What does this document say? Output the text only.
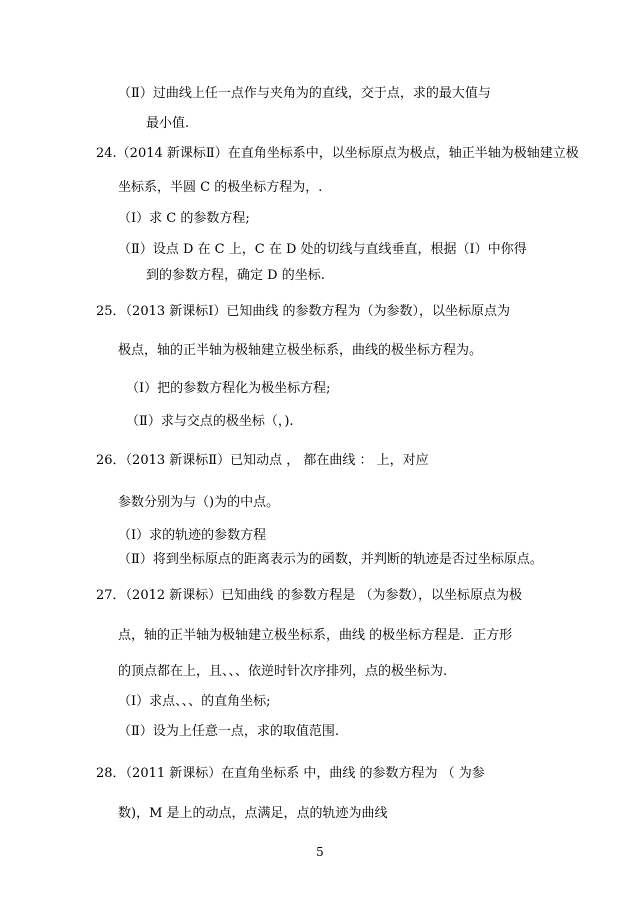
（Ⅱ）过曲线上任一点作与夹角为的直线，交于点，求的最大值与
最小值.
24.（2014 新课标Ⅱ）在直角坐标系中，以坐标原点为极点，轴正半轴为极轴建立极
坐标系，半圆 C 的极坐标方程为，.
（Ⅰ）求 C 的参数方程;
（Ⅱ）设点 D 在 C 上，C 在 D 处的切线与直线垂直，根据（Ⅰ）中你得
到的参数方程，确定 D 的坐标.
25．（2013 新课标Ⅰ）已知曲线 的参数方程为（为参数），以坐标原点为
极点，轴的正半轴为极轴建立极坐标系，曲线的极坐标方程为。
（Ⅰ）把的参数方程化为极坐标方程;
（Ⅱ）求与交点的极坐标（，).
26．（2013 新课标Ⅱ）已知动点 ， 都在曲线 ： 上，对应
参数分别为与（)为的中点。
（Ⅰ）求的轨迹的参数方程
（Ⅱ）将到坐标原点的距离表示为的函数，并判断的轨迹是否过坐标原点。
27．（2012 新课标）已知曲线 的参数方程是 （为参数），以坐标原点为极
点，轴的正半轴为极轴建立极坐标系，曲线 的极坐标方程是．正方形
的顶点都在上，且、、、依逆时针次序排列，点的极坐标为.
（Ⅰ）求点、、、的直角坐标;
（Ⅱ）设为上任意一点，求的取值范围.
28．（2011 新课标）在直角坐标系 中，曲线 的参数方程为 （ 为参
数)，M 是上的动点，点满足，点的轨迹为曲线
5
